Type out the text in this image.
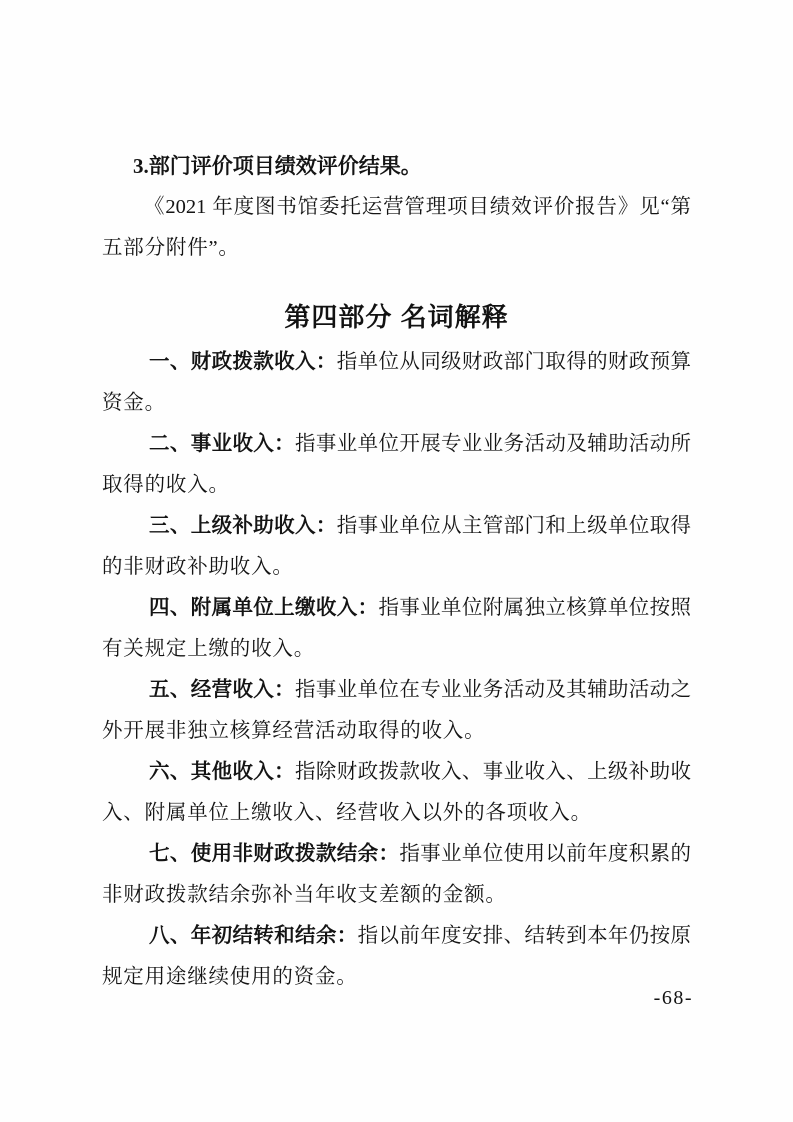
3.部门评价项目绩效评价结果。
《2021 年度图书馆委托运营管理项目绩效评价报告》见“第
五部分附件”。
第四部分 名词解释
一、财政拨款收入：指单位从同级财政部门取得的财政预算
资金。
二、事业收入：指事业单位开展专业业务活动及辅助活动所
取得的收入。
三、上级补助收入：指事业单位从主管部门和上级单位取得
的非财政补助收入。
四、附属单位上缴收入：指事业单位附属独立核算单位按照
有关规定上缴的收入。
五、经营收入：指事业单位在专业业务活动及其辅助活动之
外开展非独立核算经营活动取得的收入。
六、其他收入：指除财政拨款收入、事业收入、上级补助收
入、附属单位上缴收入、经营收入以外的各项收入。
七、使用非财政拨款结余：指事业单位使用以前年度积累的
非财政拨款结余弥补当年收支差额的金额。
八、年初结转和结余：指以前年度安排、结转到本年仍按原
规定用途继续使用的资金。
-68-
